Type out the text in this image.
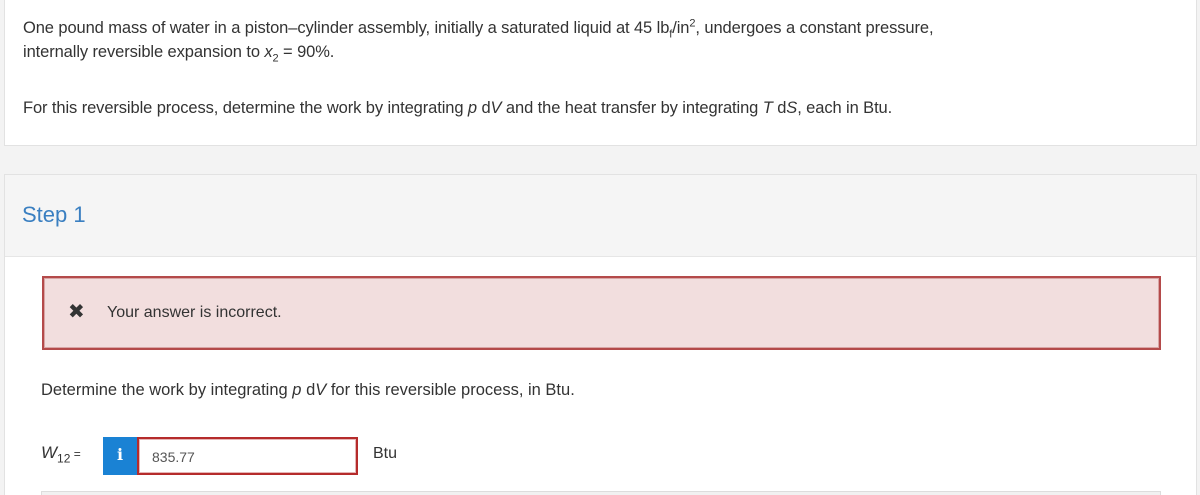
One pound mass of water in a piston–cylinder assembly, initially a saturated liquid at 45 $lb_f/in^2$, undergoes a constant pressure,
internally reversible expansion to $x_2 = 90\%$.

For this reversible process, determine the work by integrating p dV and the heat transfer by integrating T dS, each in Btu.

Step 1
✖ Your answer is incorrect.
Determine the work by integrating p dV for this reversible process, in Btu.
$W_{12}$ =	i
835.77	Btu
